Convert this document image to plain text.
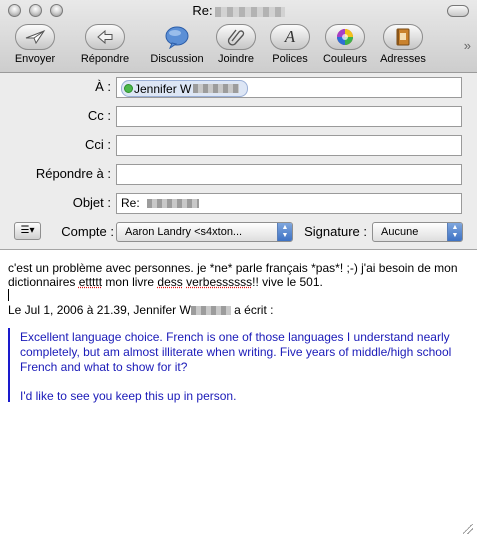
Re:
Envoyer	Répondre	Discussion	Joindre
A
Polices	Couleurs	Adresses
»
À : Jennifer W
Cc :
Cci :
Répondre à :
Objet : Re:
☰▾	Compte :	Aaron Landry <s4xton...	▲
▼ Signature :	Aucune	▲
▼
c'est un problème avec personnes. je *ne* parle français *pas*! ;-) j'ai besoin de mon
dictionnaires ettttt mon livre dess verbessssss!! vive le 501.
Le Jul 1, 2006 à 21.39, Jennifer W	a écrit :
Excellent language choice. French is one of those languages I understand nearly
completely, but am almost illiterate when writing. Five years of middle/high school
French and what to show for it?
I'd like to see you keep this up in person.
